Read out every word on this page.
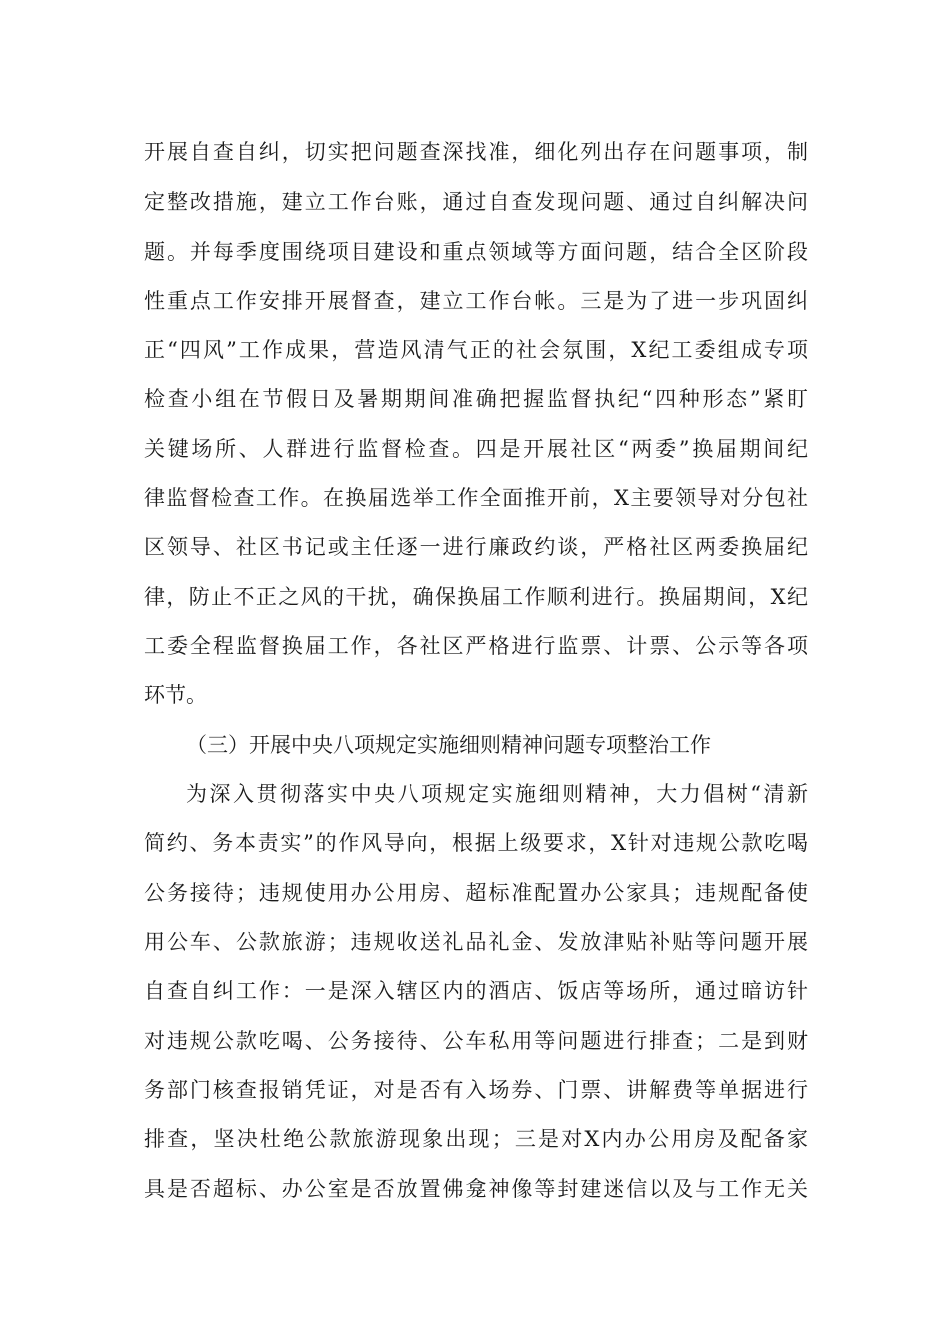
开展自查自纠，切实把问题查深找准，细化列出存在问题事项，制
定整改措施，建立工作台账，通过自查发现问题、通过自纠解决问
题。并每季度围绕项目建设和重点领域等方面问题，结合全区阶段
性重点工作安排开展督查，建立工作台帐。三是为了进一步巩固纠
正“四风”工作成果，营造风清气正的社会氛围，X纪工委组成专项
检查小组在节假日及暑期期间准确把握监督执纪“四种形态”紧盯
关键场所、人群进行监督检查。四是开展社区“两委”换届期间纪
律监督检查工作。在换届选举工作全面推开前，X主要领导对分包社
区领导、社区书记或主任逐一进行廉政约谈，严格社区两委换届纪
律，防止不正之风的干扰，确保换届工作顺利进行。换届期间，X纪
工委全程监督换届工作，各社区严格进行监票、计票、公示等各项
环节。
（三）开展中央八项规定实施细则精神问题专项整治工作
为深入贯彻落实中央八项规定实施细则精神，大力倡树“清新
简约、务本责实”的作风导向，根据上级要求，X针对违规公款吃喝
公务接待；违规使用办公用房、超标准配置办公家具；违规配备使
用公车、公款旅游；违规收送礼品礼金、发放津贴补贴等问题开展
自查自纠工作：一是深入辖区内的酒店、饭店等场所，通过暗访针
对违规公款吃喝、公务接待、公车私用等问题进行排查；二是到财
务部门核查报销凭证，对是否有入场券、门票、讲解费等单据进行
排查，坚决杜绝公款旅游现象出现；三是对X内办公用房及配备家
具是否超标、办公室是否放置佛龛神像等封建迷信以及与工作无关
